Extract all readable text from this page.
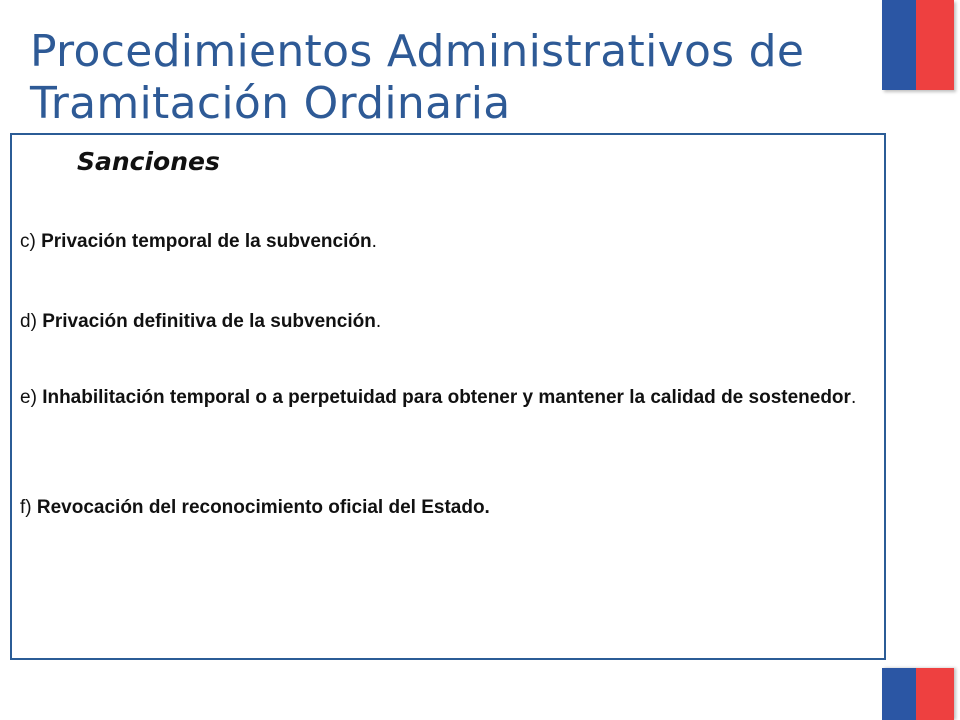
Procedimientos Administrativos de Tramitación Ordinaria
Sanciones

c) Privación temporal de la subvención.

d) Privación definitiva de la subvención.

e) Inhabilitación temporal o a perpetuidad para obtener y mantener la calidad de sostenedor.

f) Revocación del reconocimiento oficial del Estado.
